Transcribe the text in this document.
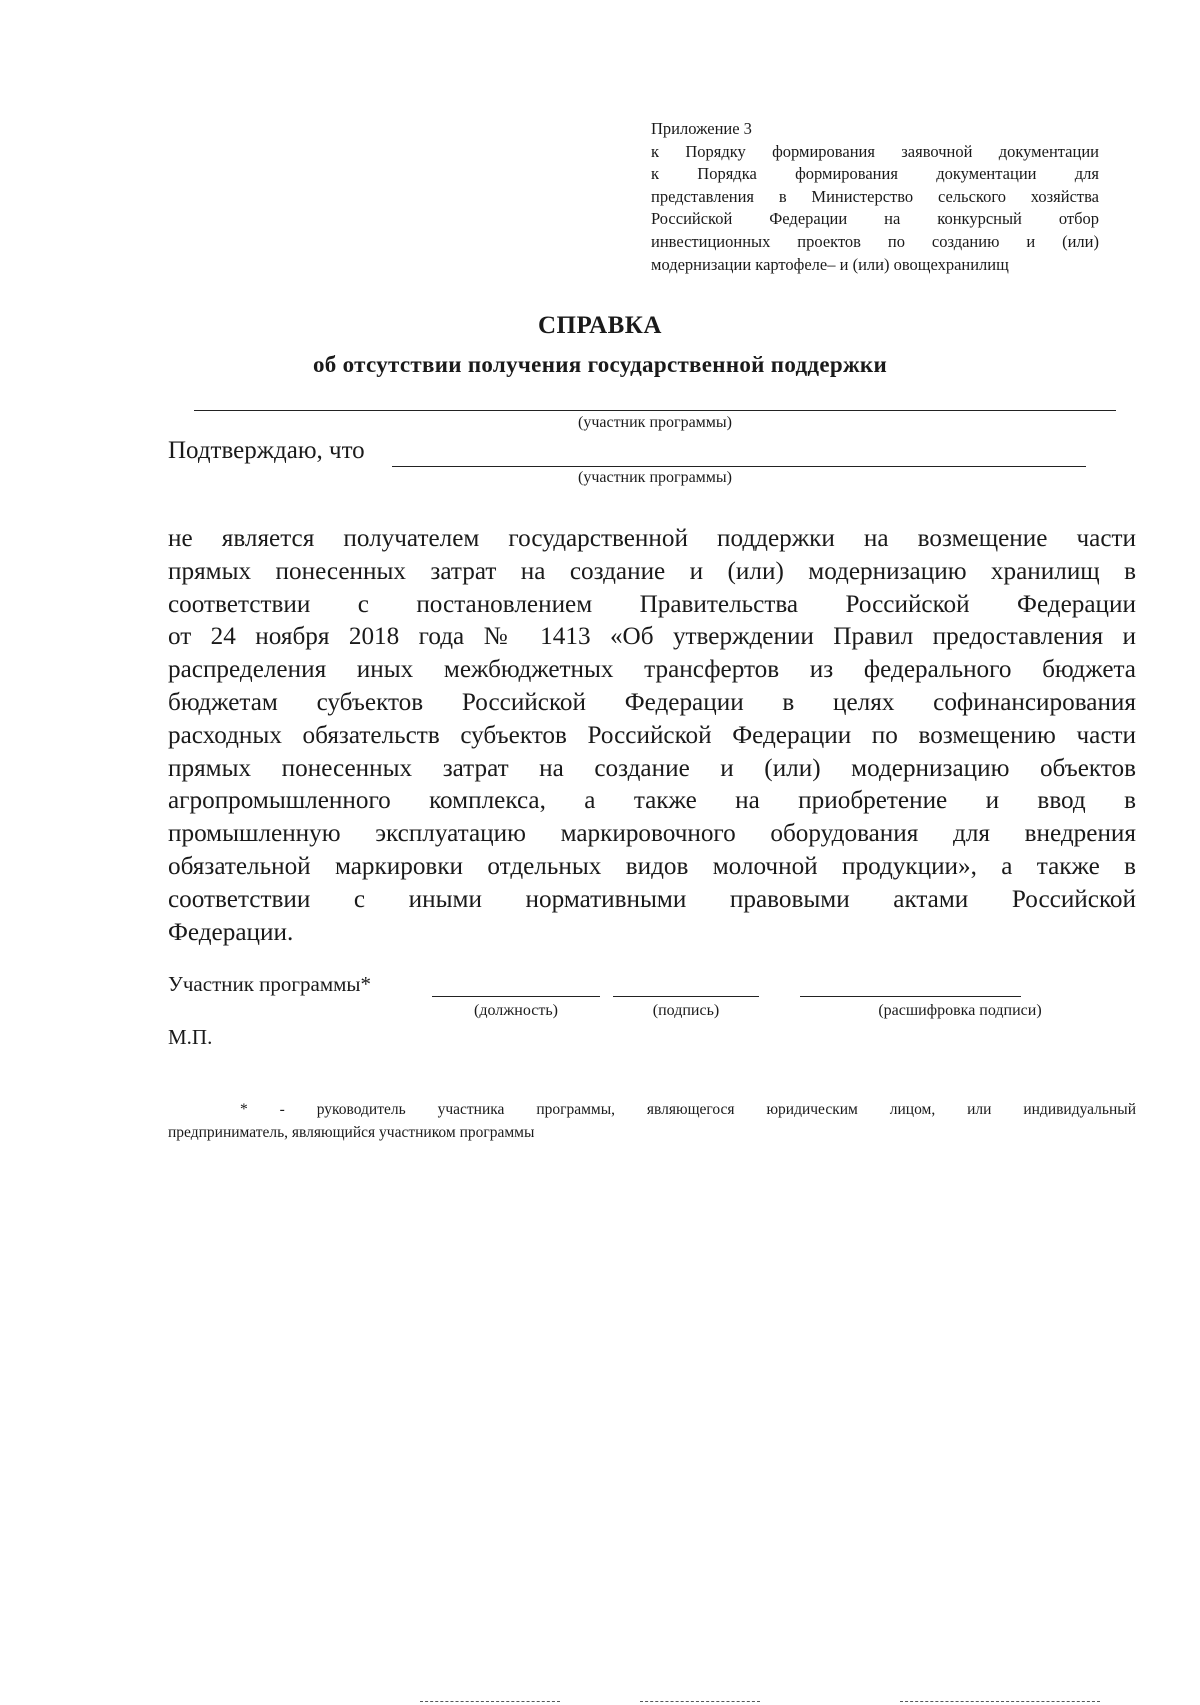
Приложение 3
к Порядку формирования заявочной документации
к Порядка формирования документации для
представления в Министерство сельского хозяйства
Российской Федерации на конкурсный отбор
инвестиционных проектов по созданию и (или)
модернизации картофеле– и (или) овощехранилищ
СПРАВКА
об отсутствии получения государственной поддержки
(участник программы)
Подтверждаю, что
(участник программы)
не является получателем государственной поддержки на возмещение части
прямых понесенных затрат на создание и (или) модернизацию хранилищ в
соответствии с постановлением Правительства Российской Федерации
от 24 ноября 2018 года № 1413 «Об утверждении Правил предоставления и
распределения иных межбюджетных трансфертов из федерального бюджета
бюджетам субъектов Российской Федерации в целях софинансирования
расходных обязательств субъектов Российской Федерации по возмещению части
прямых понесенных затрат на создание и (или) модернизацию объектов
агропромышленного комплекса, а также на приобретение и ввод в
промышленную эксплуатацию маркировочного оборудования для внедрения
обязательной маркировки отдельных видов молочной продукции», а также в
соответствии с иными нормативными правовыми актами Российской
Федерации.
Участник программы*
(должность)	(подпись)	(расшифровка подписи)
М.П.
* - руководитель участника программы, являющегося юридическим лицом, или индивидуальный
предприниматель, являющийся участником программы
